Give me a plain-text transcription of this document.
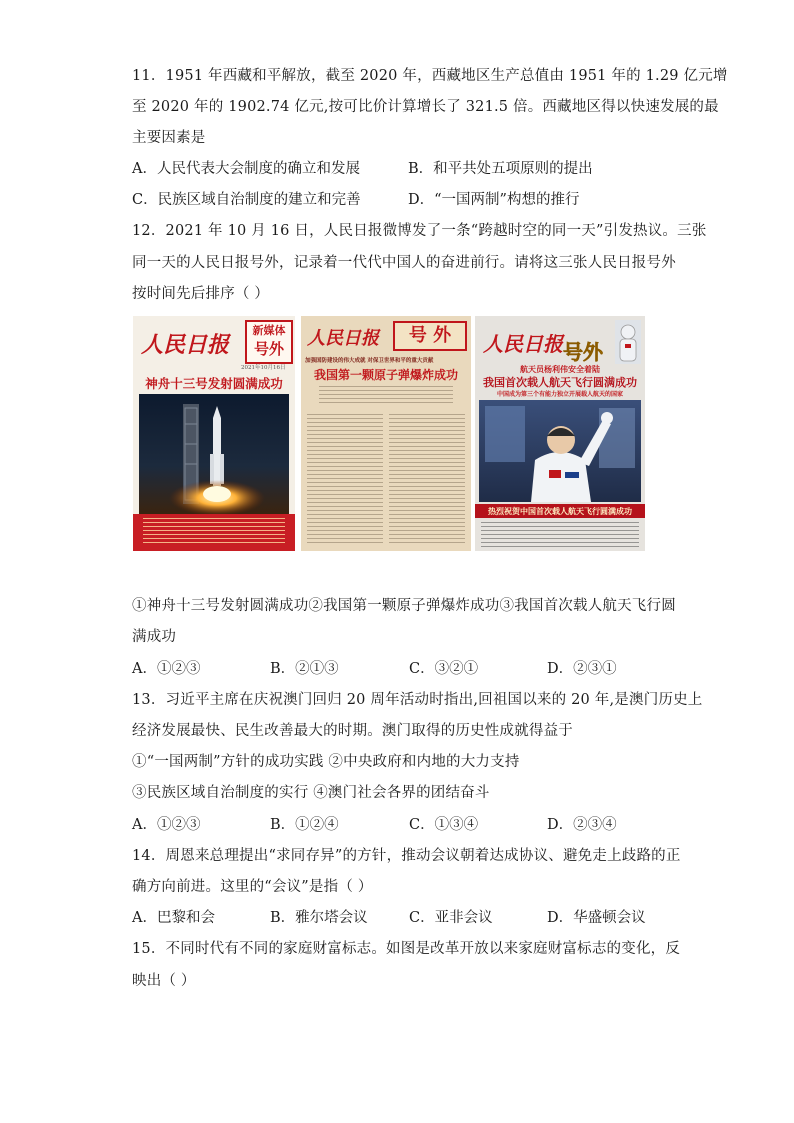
11．1951 年西藏和平解放，截至 2020 年，西藏地区生产总值由 1951 年的 1.29 亿元增
至 2020 年的 1902.74 亿元,按可比价计算增长了 321.5 倍。西藏地区得以快速发展的最
主要因素是
A．人民代表大会制度的确立和发展	B．和平共处五项原则的提出
C．民族区域自治制度的建立和完善	D．“一国两制”构想的推行
12．2021 年 10 月 16 日，人民日报微博发了一条“跨越时空的同一天”引发热议。三张
同一天的人民日报号外，记录着一代代中国人的奋进前行。请将这三张人民日报号外
按时间先后排序（ ）
人民日报
新媒体
号外
2021年10月16日
神舟十三号发射圆满成功
人民日报	号 外
加强国防建设的伟大成就 对保卫世界和平的重大贡献
我国第一颗原子弹爆炸成功
人民日报 号外
航天员杨利伟安全着陆
我国首次载人航天飞行圆满成功
中国成为第三个有能力独立开展载人航天的国家
热烈祝贺中国首次载人航天飞行圆满成功
①神舟十三号发射圆满成功②我国第一颗原子弹爆炸成功③我国首次载人航天飞行圆
满成功
A．①②③	B．②①③	C．③②①	D．②③①
13．习近平主席在庆祝澳门回归 20 周年活动时指出,回祖国以来的 20 年,是澳门历史上
经济发展最快、民生改善最大的时期。澳门取得的历史性成就得益于
①“一国两制”方针的成功实践 ②中央政府和内地的大力支持
③民族区域自治制度的实行 ④澳门社会各界的团结奋斗
A．①②③	B．①②④	C．①③④	D．②③④
14．周恩来总理提出“求同存异”的方针，推动会议朝着达成协议、避免走上歧路的正
确方向前进。这里的“会议”是指（ ）
A．巴黎和会	B．雅尔塔会议	C．亚非会议	D．华盛顿会议
15．不同时代有不同的家庭财富标志。如图是改革开放以来家庭财富标志的变化，反
映出（ ）
